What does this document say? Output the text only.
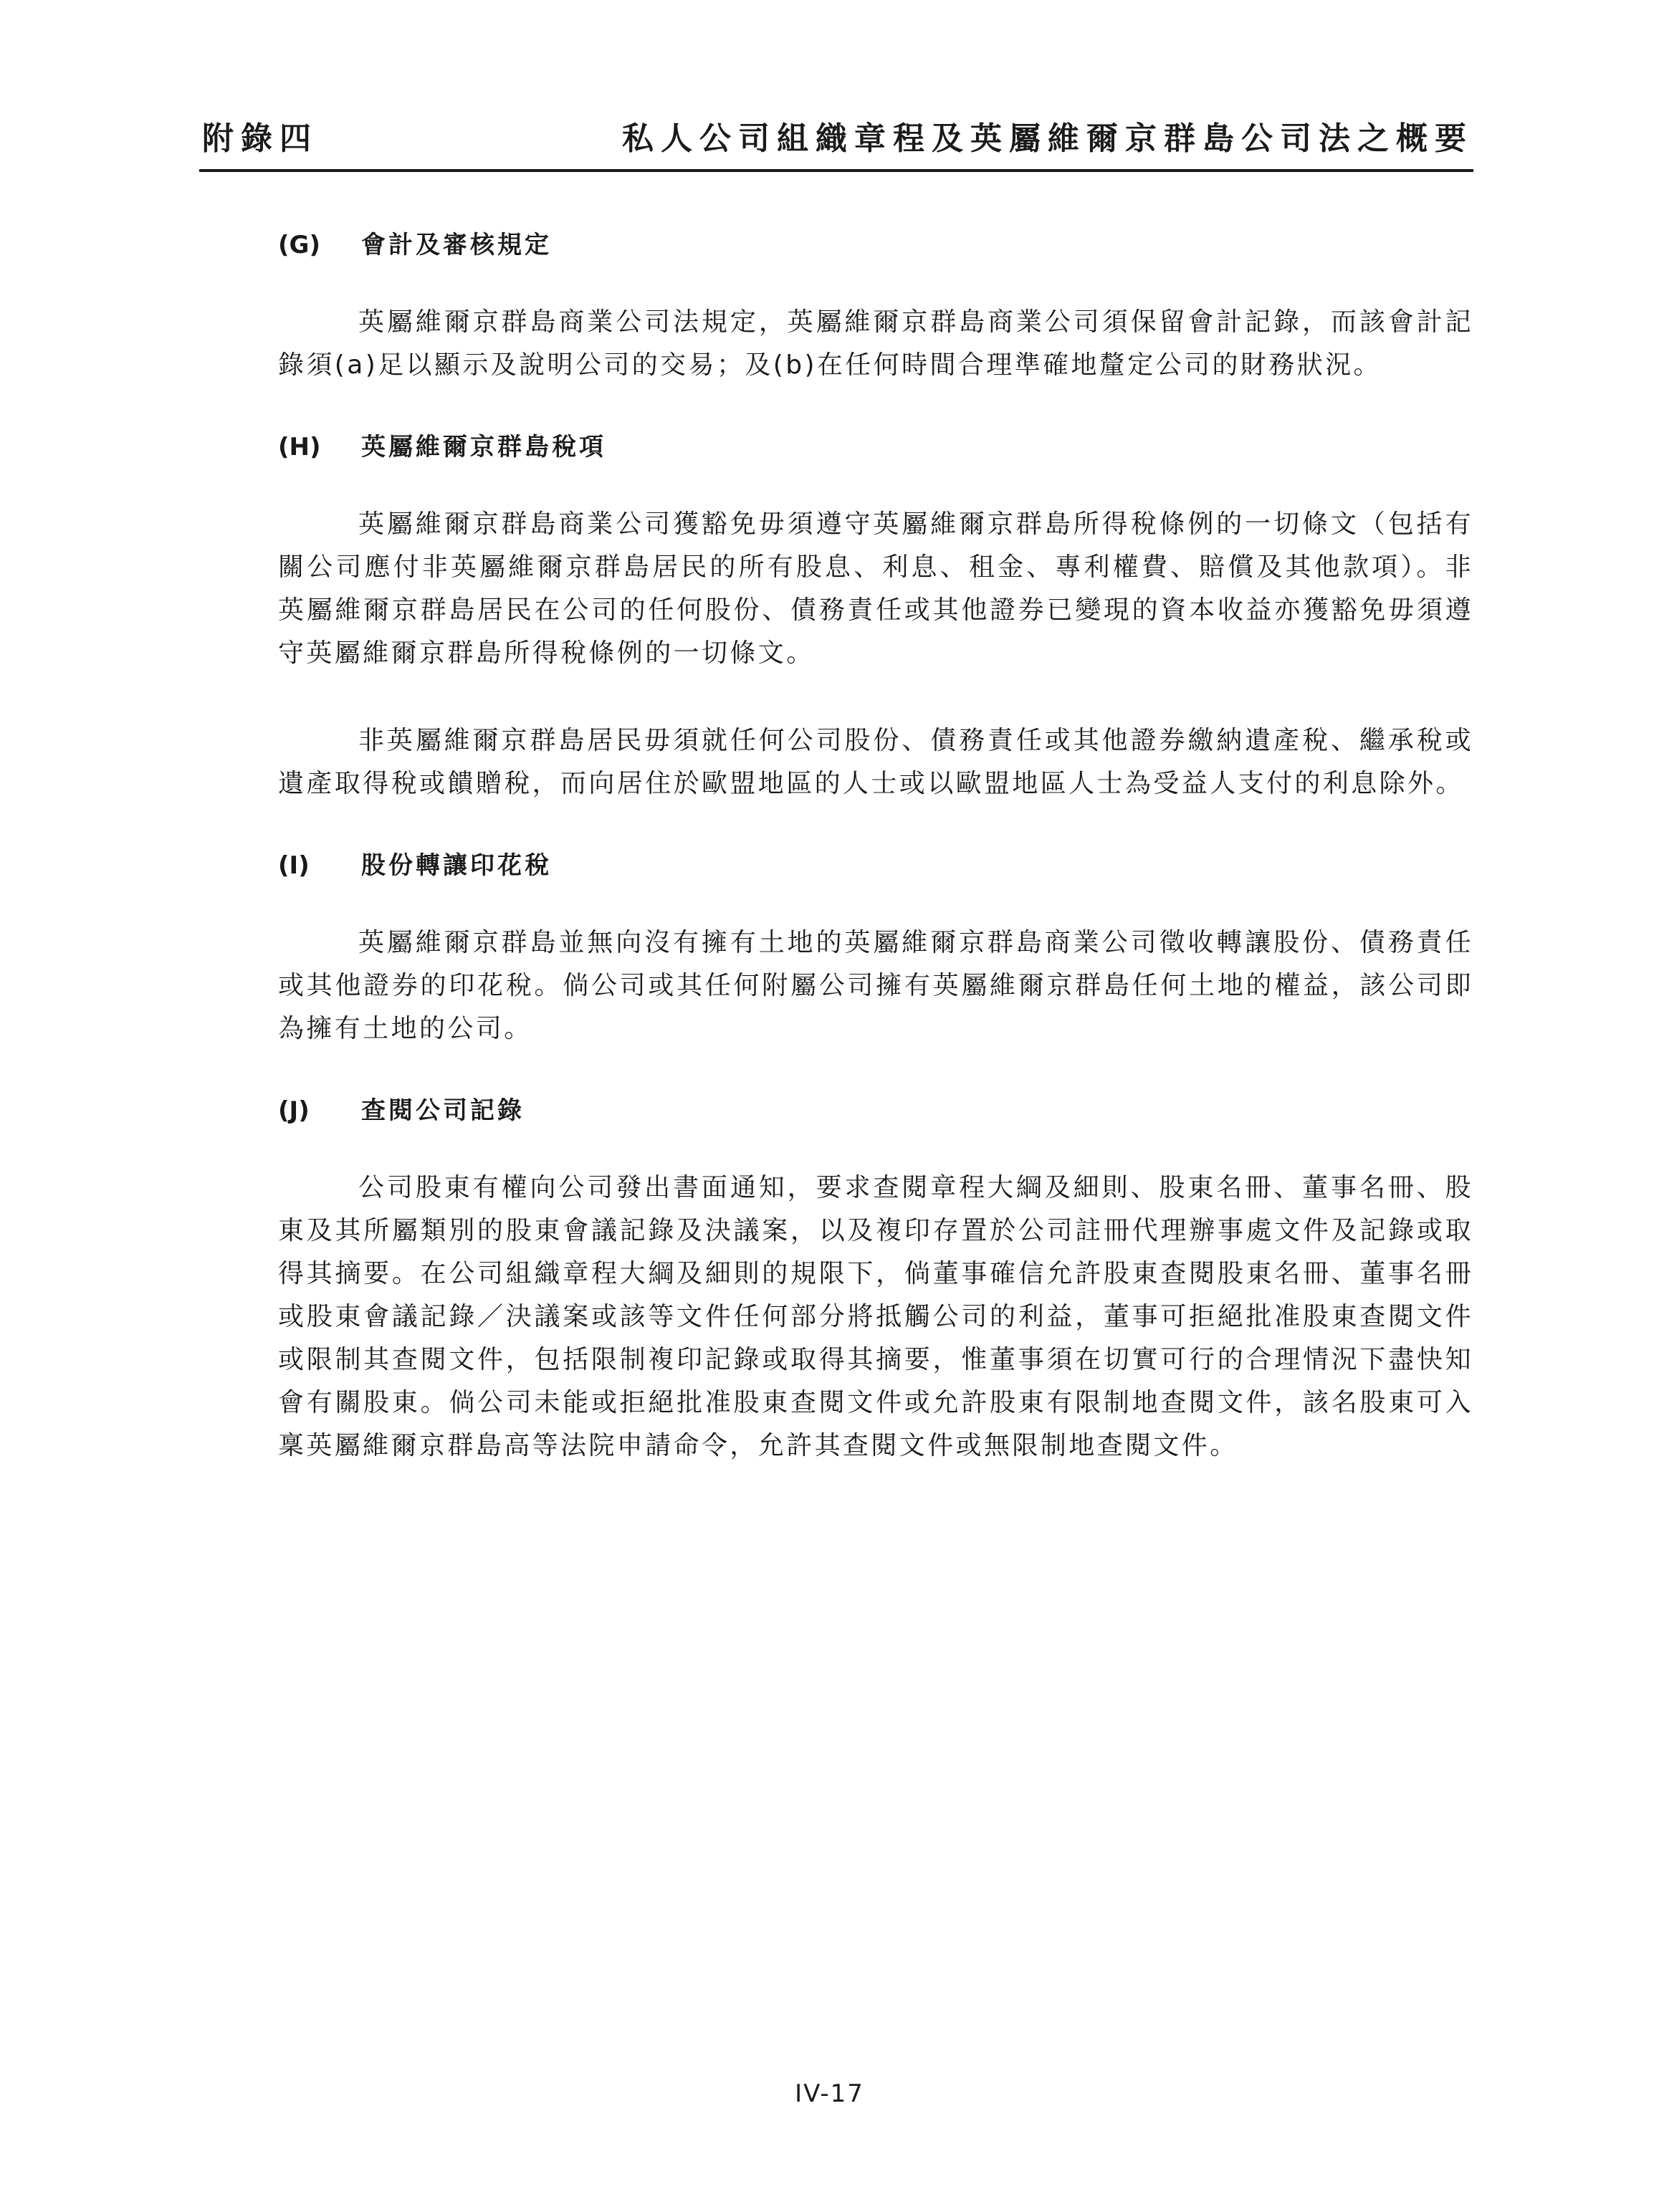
附錄四	私人公司組織章程及英屬維爾京群島公司法之概要
(G)	會計及審核規定

英屬維爾京群島商業公司法規定，英屬維爾京群島商業公司須保留會計記錄，而該會計記錄須(a)足以顯示及說明公司的交易；及(b)在任何時間合理準確地釐定公司的財務狀況。

(H)	英屬維爾京群島稅項

英屬維爾京群島商業公司獲豁免毋須遵守英屬維爾京群島所得稅條例的一切條文（包括有關公司應付非英屬維爾京群島居民的所有股息、利息、租金、專利權費、賠償及其他款項）。非英屬維爾京群島居民在公司的任何股份、債務責任或其他證券已變現的資本收益亦獲豁免毋須遵守英屬維爾京群島所得稅條例的一切條文。

非英屬維爾京群島居民毋須就任何公司股份、債務責任或其他證券繳納遺產稅、繼承稅或遺產取得稅或饋贈稅，而向居住於歐盟地區的人士或以歐盟地區人士為受益人支付的利息除外。

(I)	股份轉讓印花稅

英屬維爾京群島並無向沒有擁有土地的英屬維爾京群島商業公司徵收轉讓股份、債務責任或其他證券的印花稅。倘公司或其任何附屬公司擁有英屬維爾京群島任何土地的權益，該公司即為擁有土地的公司。

(J)	查閱公司記錄

公司股東有權向公司發出書面通知，要求查閱章程大綱及細則、股東名冊、董事名冊、股東及其所屬類別的股東會議記錄及決議案，以及複印存置於公司註冊代理辦事處文件及記錄或取得其摘要。在公司組織章程大綱及細則的規限下，倘董事確信允許股東查閱股東名冊、董事名冊或股東會議記錄／決議案或該等文件任何部分將抵觸公司的利益，董事可拒絕批准股東查閱文件或限制其查閱文件，包括限制複印記錄或取得其摘要，惟董事須在切實可行的合理情況下盡快知會有關股東。倘公司未能或拒絕批准股東查閱文件或允許股東有限制地查閱文件，該名股東可入稟英屬維爾京群島高等法院申請命令，允許其查閱文件或無限制地查閱文件。

IV-17
